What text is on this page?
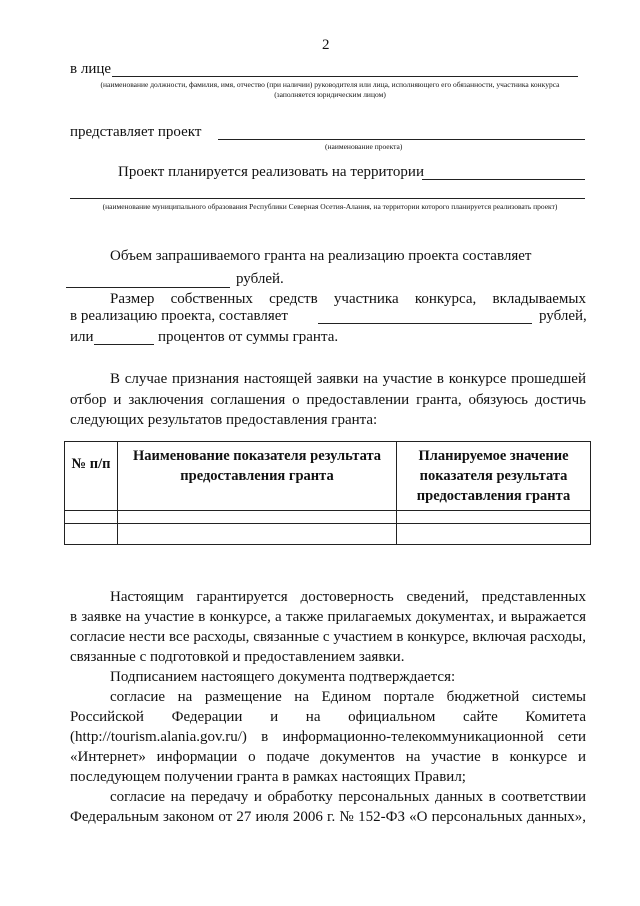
2
в лице
(наименование должности, фамилия, имя, отчество (при наличии) руководителя или лица, исполняющего его обязанности, участника конкурса (заполняется юридическим лицом)
представляет проект
(наименование проекта)
Проект планируется реализовать на территории
(наименование муниципального образования Республики Северная Осетия-Алания, на территории которого планируется реализовать проект)
Объем запрашиваемого гранта на реализацию проекта составляет
рублей.
Размер собственных средств участника конкурса, вкладываемых
в реализацию проекта, составляет	рублей,
или	процентов от суммы гранта.
В случае признания настоящей заявки на участие в конкурсе прошедшей
отбор и заключения соглашения о предоставлении гранта, обязуюсь достичь
следующих результатов предоставления гранта:
№ п/п	Наименование показателя результата предоставления гранта	Планируемое значение показателя результата предоставления гранта

Настоящим гарантируется достоверность сведений, представленных
в заявке на участие в конкурсе, а также прилагаемых документах, и выражается
согласие нести все расходы, связанные с участием в конкурсе, включая расходы,
связанные с подготовкой и предоставлением заявки.
Подписанием настоящего документа подтверждается:
согласие на размещение на Едином портале бюджетной системы
Российской Федерации и на официальном сайте Комитета
(http://tourism.alania.gov.ru/) в информационно-телекоммуникационной сети
«Интернет» информации о подаче документов на участие в конкурсе и
последующем получении гранта в рамках настоящих Правил;
согласие на передачу и обработку персональных данных в соответствии
Федеральным законом от 27 июля 2006 г. № 152-ФЗ «О персональных данных»,
